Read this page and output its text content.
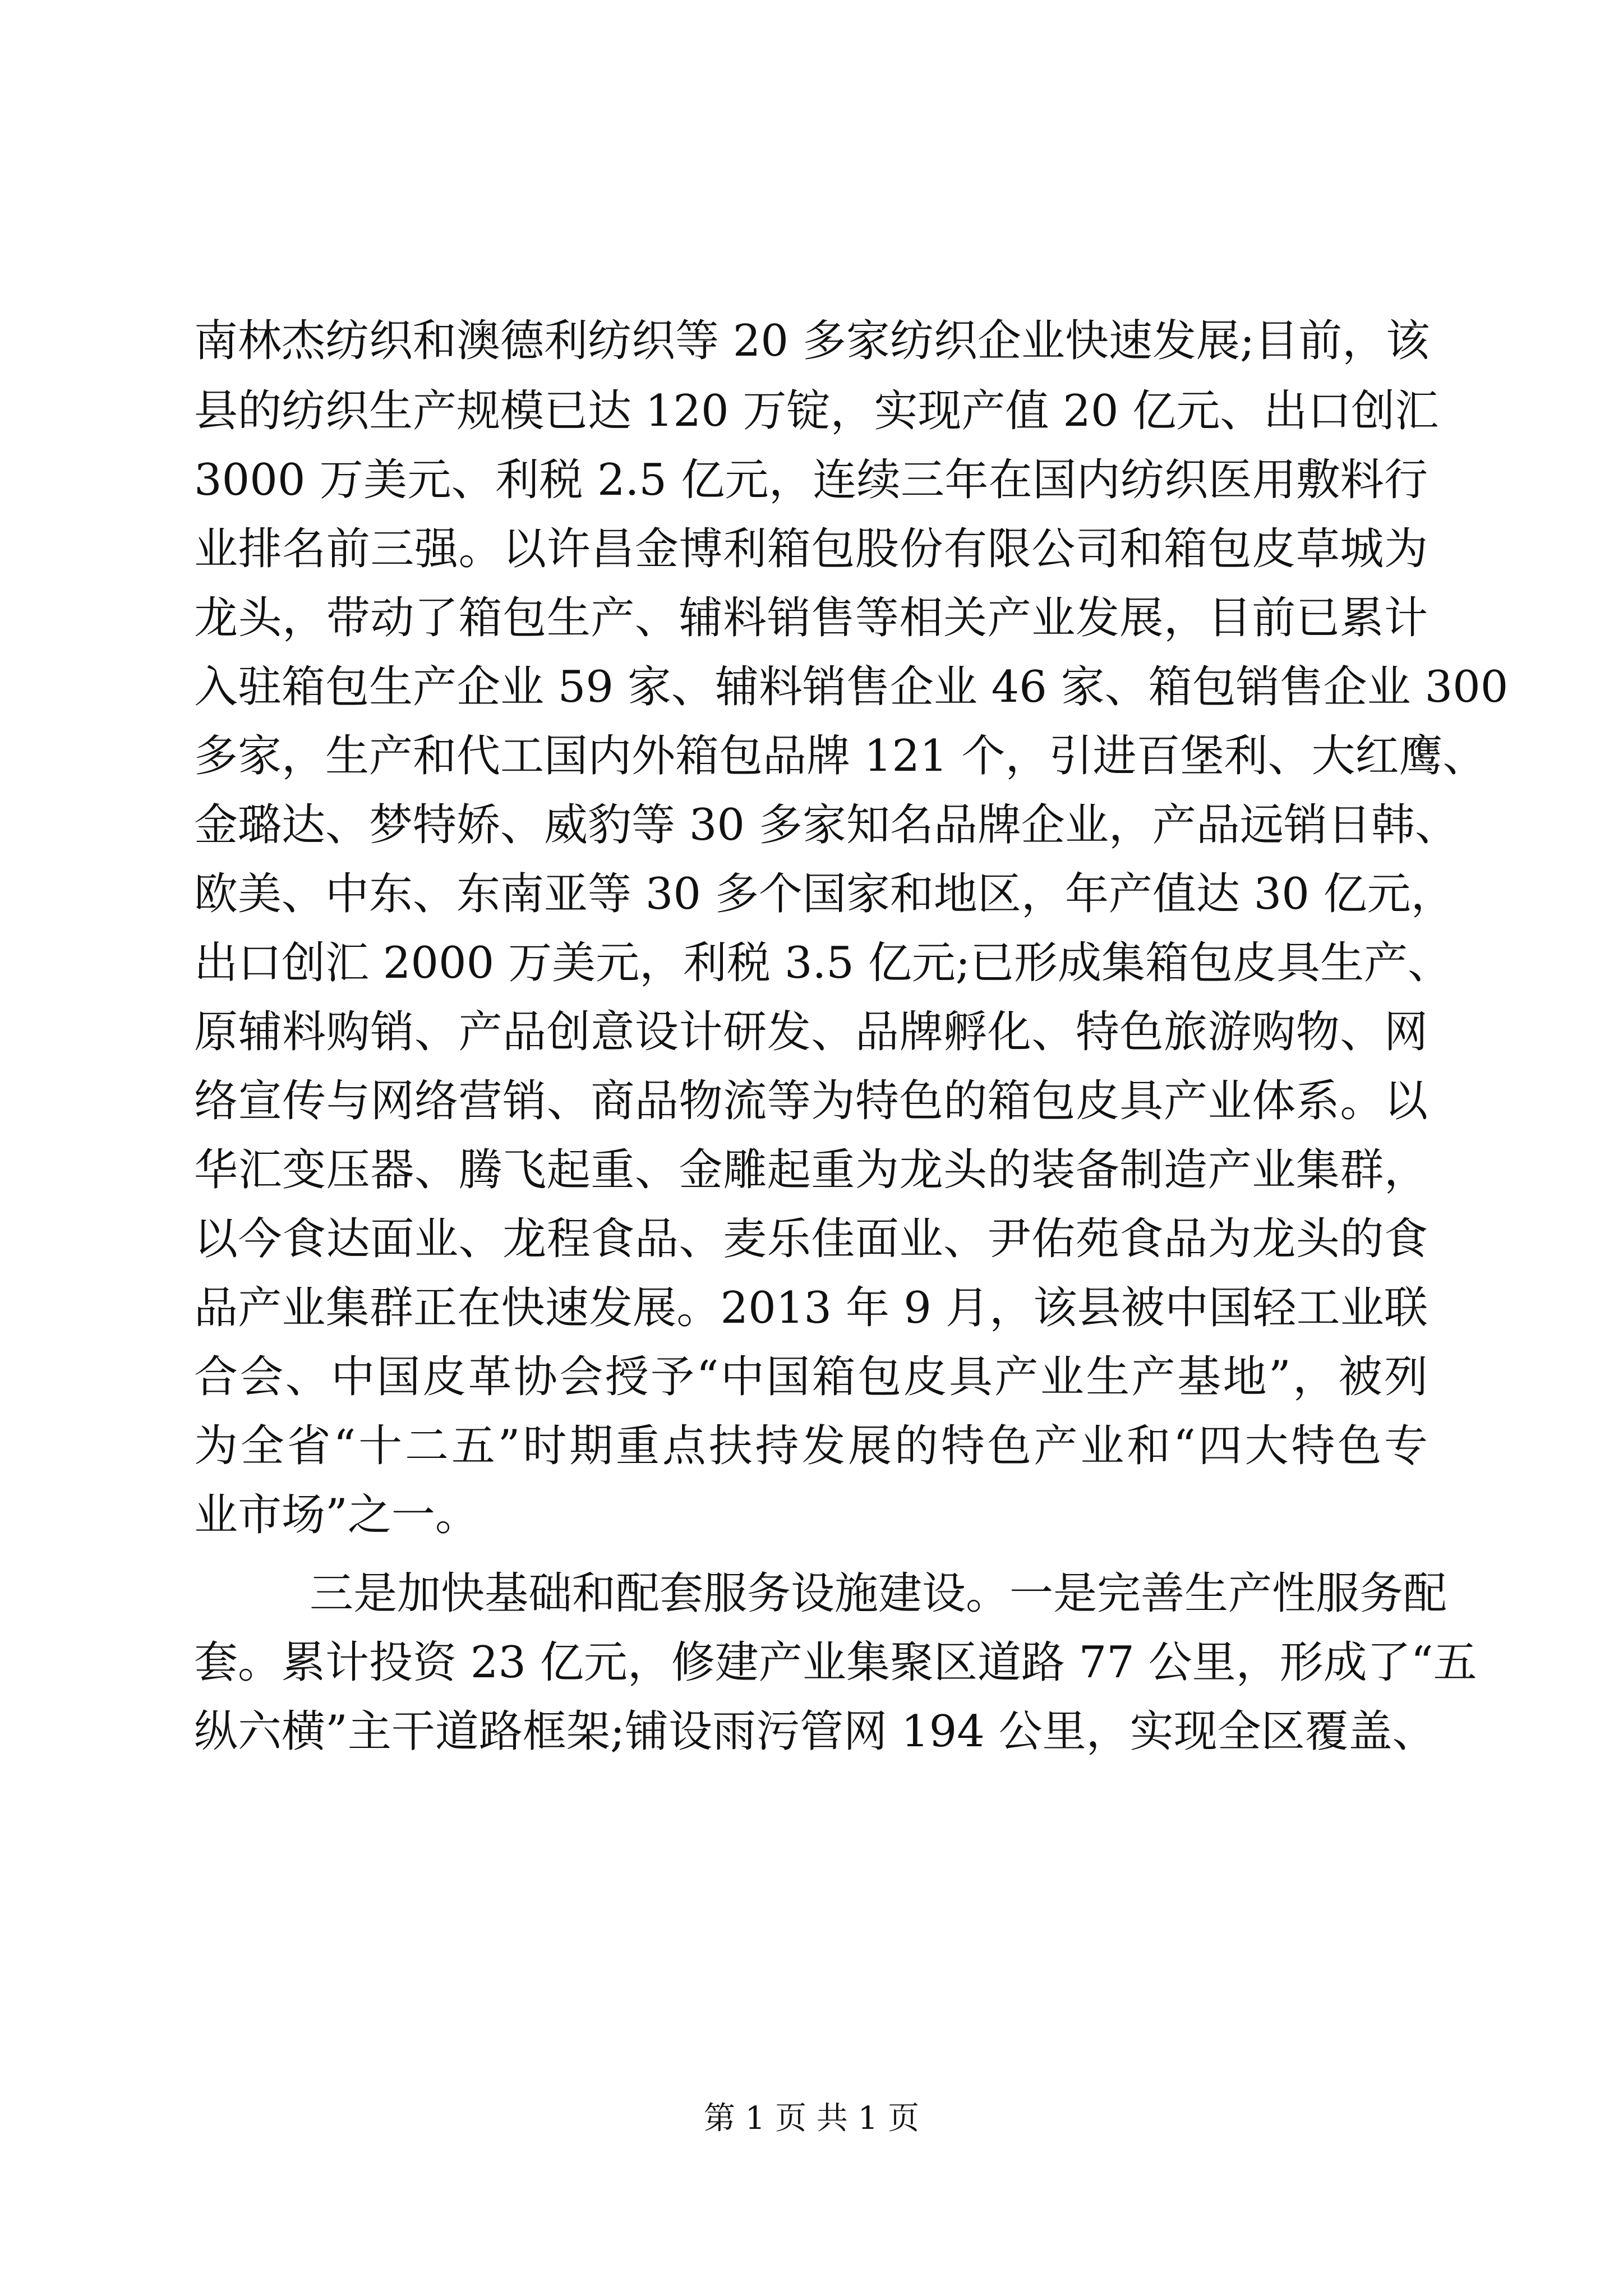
南林杰纺织和澳德利纺织等 20 多家纺织企业快速发展;目前，该
县的纺织生产规模已达 120 万锭，实现产值 20 亿元、出口创汇
3000 万美元、利税 2.5 亿元，连续三年在国内纺织医用敷料行
业排名前三强。以许昌金博利箱包股份有限公司和箱包皮草城为
龙头，带动了箱包生产、辅料销售等相关产业发展，目前已累计
入驻箱包生产企业 59 家、辅料销售企业 46 家、箱包销售企业 300
多家，生产和代工国内外箱包品牌 121 个，引进百堡利、大红鹰、
金璐达、梦特娇、威豹等 30 多家知名品牌企业，产品远销日韩、
欧美、中东、东南亚等 30 多个国家和地区，年产值达 30 亿元，
出口创汇 2000 万美元，利税 3.5 亿元;已形成集箱包皮具生产、
原辅料购销、产品创意设计研发、品牌孵化、特色旅游购物、网
络宣传与网络营销、商品物流等为特色的箱包皮具产业体系。以
华汇变压器、腾飞起重、金雕起重为龙头的装备制造产业集群，
以今食达面业、龙程食品、麦乐佳面业、尹佑苑食品为龙头的食
品产业集群正在快速发展。2013 年 9 月，该县被中国轻工业联
合会、中国皮革协会授予“中国箱包皮具产业生产基地”，被列
为全省“十二五”时期重点扶持发展的特色产业和“四大特色专
业市场”之一。
三是加快基础和配套服务设施建设。一是完善生产性服务配
套。累计投资 23 亿元，修建产业集聚区道路 77 公里，形成了“五
纵六横”主干道路框架;铺设雨污管网 194 公里，实现全区覆盖、
第 1 页 共 1 页
